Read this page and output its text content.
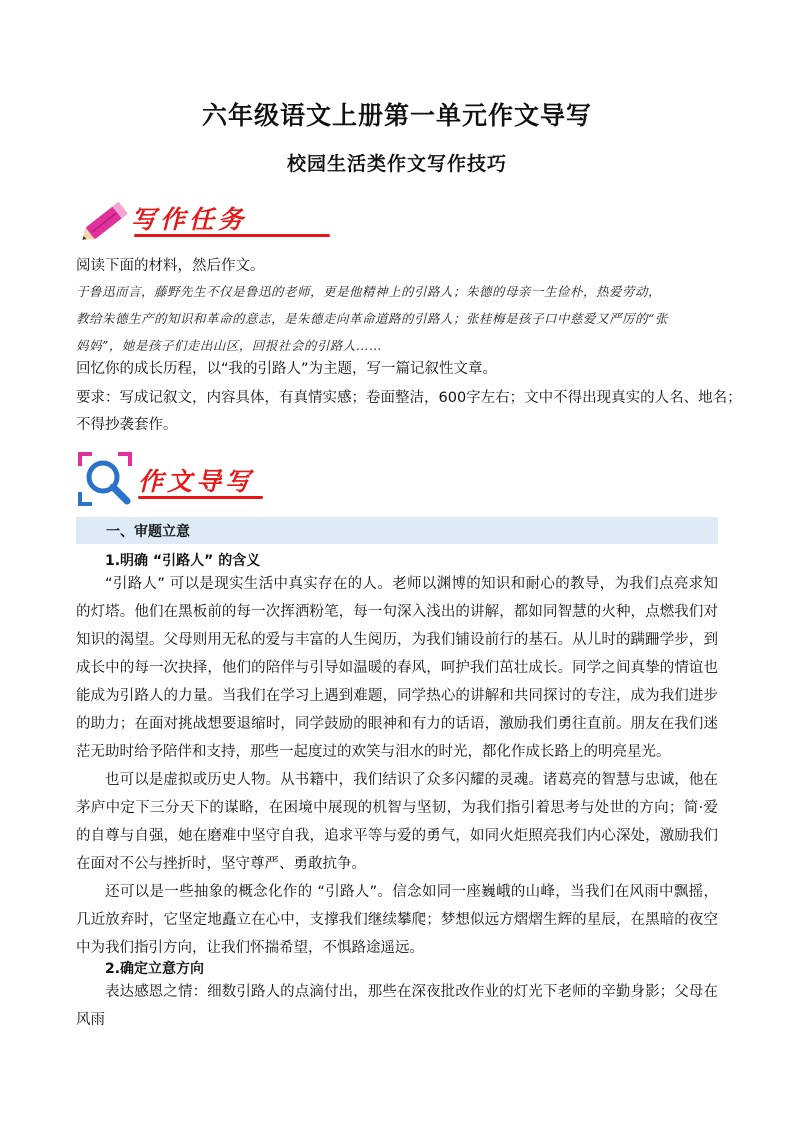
六年级语文上册第一单元作文导写
校园生活类作文写作技巧
写作任务

阅读下面的材料，然后作文。

于鲁迅而言，藤野先生不仅是鲁迅的老师，更是他精神上的引路人；朱德的母亲一生俭朴，热爱劳动，

教给朱德生产的知识和革命的意志，是朱德走向革命道路的引路人；张桂梅是孩子口中慈爱又严厉的“张

妈妈”，她是孩子们走出山区，回报社会的引路人……

回忆你的成长历程，以“我的引路人”为主题，写一篇记叙性文章。

要求：写成记叙文，内容具体，有真情实感；卷面整洁，600字左右；文中不得出现真实的人名、地名；

不得抄袭套作。

作文导写
一、审题立意

1.明确 “引路人” 的含义

“引路人” 可以是现实生活中真实存在的人。老师以渊博的知识和耐心的教导，为我们点亮求知的灯塔。他们在黑板前的每一次挥洒粉笔，每一句深入浅出的讲解，都如同智慧的火种，点燃我们对知识的渴望。父母则用无私的爱与丰富的人生阅历，为我们铺设前行的基石。从儿时的蹒跚学步，到成长中的每一次抉择，他们的陪伴与引导如温暖的春风，呵护我们茁壮成长。同学之间真挚的情谊也能成为引路人的力量。当我们在学习上遇到难题，同学热心的讲解和共同探讨的专注，成为我们进步的助力；在面对挑战想要退缩时，同学鼓励的眼神和有力的话语，激励我们勇往直前。朋友在我们迷茫无助时给予陪伴和支持，那些一起度过的欢笑与泪水的时光，都化作成长路上的明亮星光。

也可以是虚拟或历史人物。从书籍中，我们结识了众多闪耀的灵魂。诸葛亮的智慧与忠诚，他在茅庐中定下三分天下的谋略，在困境中展现的机智与坚韧，为我们指引着思考与处世的方向；简·爱的自尊与自强，她在磨难中坚守自我，追求平等与爱的勇气，如同火炬照亮我们内心深处，激励我们在面对不公与挫折时，坚守尊严、勇敢抗争。

还可以是一些抽象的概念化作的 “引路人”。信念如同一座巍峨的山峰，当我们在风雨中飘摇，几近放弃时，它坚定地矗立在心中，支撑我们继续攀爬；梦想似远方熠熠生辉的星辰，在黑暗的夜空中为我们指引方向，让我们怀揣希望，不惧路途遥远。

2.确定立意方向

表达感恩之情：细数引路人的点滴付出，那些在深夜批改作业的灯光下老师的辛勤身影；父母在风雨
